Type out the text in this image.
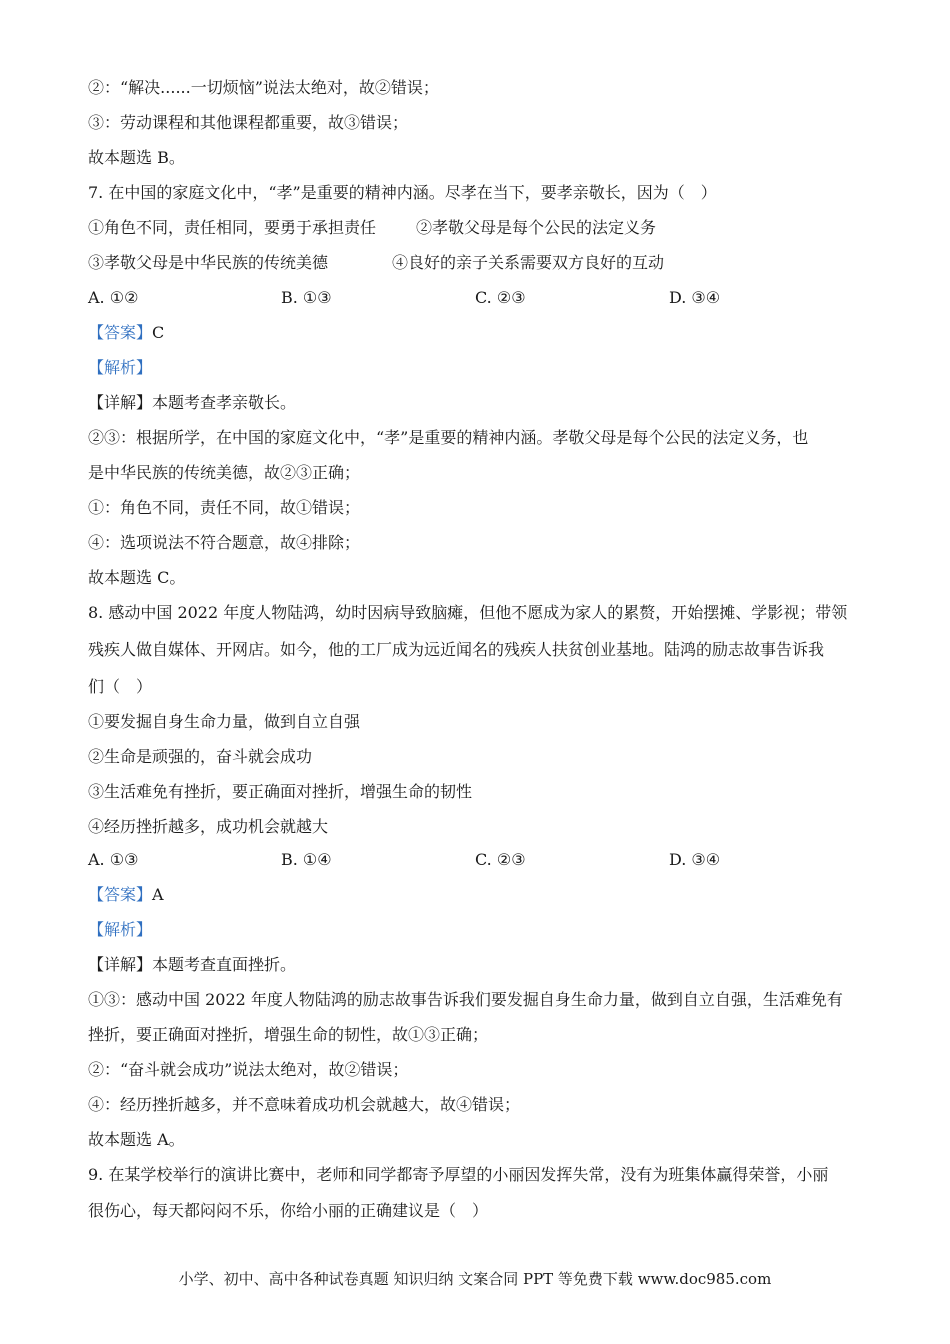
②：“解决......一切烦恼”说法太绝对，故②错误；
③：劳动课程和其他课程都重要，故③错误；
故本题选 B。
7. 在中国的家庭文化中，“孝”是重要的精神内涵。尽孝在当下，要孝亲敬长，因为（　）
①角色不同，责任相同，要勇于承担责任 ②孝敬父母是每个公民的法定义务
③孝敬父母是中华民族的传统美德	④良好的亲子关系需要双方良好的互动
A. ①②	B. ①③	C. ②③	D. ③④
【答案】C
【解析】
【详解】本题考查孝亲敬长。
②③：根据所学，在中国的家庭文化中，“孝”是重要的精神内涵。孝敬父母是每个公民的法定义务，也
是中华民族的传统美德，故②③正确；
①：角色不同，责任不同，故①错误；
④：选项说法不符合题意，故④排除；
故本题选 C。
8. 感动中国 2022 年度人物陆鸿，幼时因病导致脑瘫，但他不愿成为家人的累赘，开始摆摊、学影视；带领
残疾人做自媒体、开网店。如今，他的工厂成为远近闻名的残疾人扶贫创业基地。陆鸿的励志故事告诉我
们（　）
①要发掘自身生命力量，做到自立自强
②生命是顽强的，奋斗就会成功
③生活难免有挫折，要正确面对挫折，增强生命的韧性
④经历挫折越多，成功机会就越大
A. ①③	B. ①④	C. ②③	D. ③④
【答案】A
【解析】
【详解】本题考查直面挫折。
①③：感动中国 2022 年度人物陆鸿的励志故事告诉我们要发掘自身生命力量，做到自立自强，生活难免有
挫折，要正确面对挫折，增强生命的韧性，故①③正确；
②：“奋斗就会成功”说法太绝对，故②错误；
④：经历挫折越多，并不意味着成功机会就越大，故④错误；
故本题选 A。
9. 在某学校举行的演讲比赛中，老师和同学都寄予厚望的小丽因发挥失常，没有为班集体赢得荣誉，小丽
很伤心，每天都闷闷不乐，你给小丽的正确建议是（　）
小学、初中、高中各种试卷真题 知识归纳 文案合同 PPT 等免费下载 www.doc985.com
